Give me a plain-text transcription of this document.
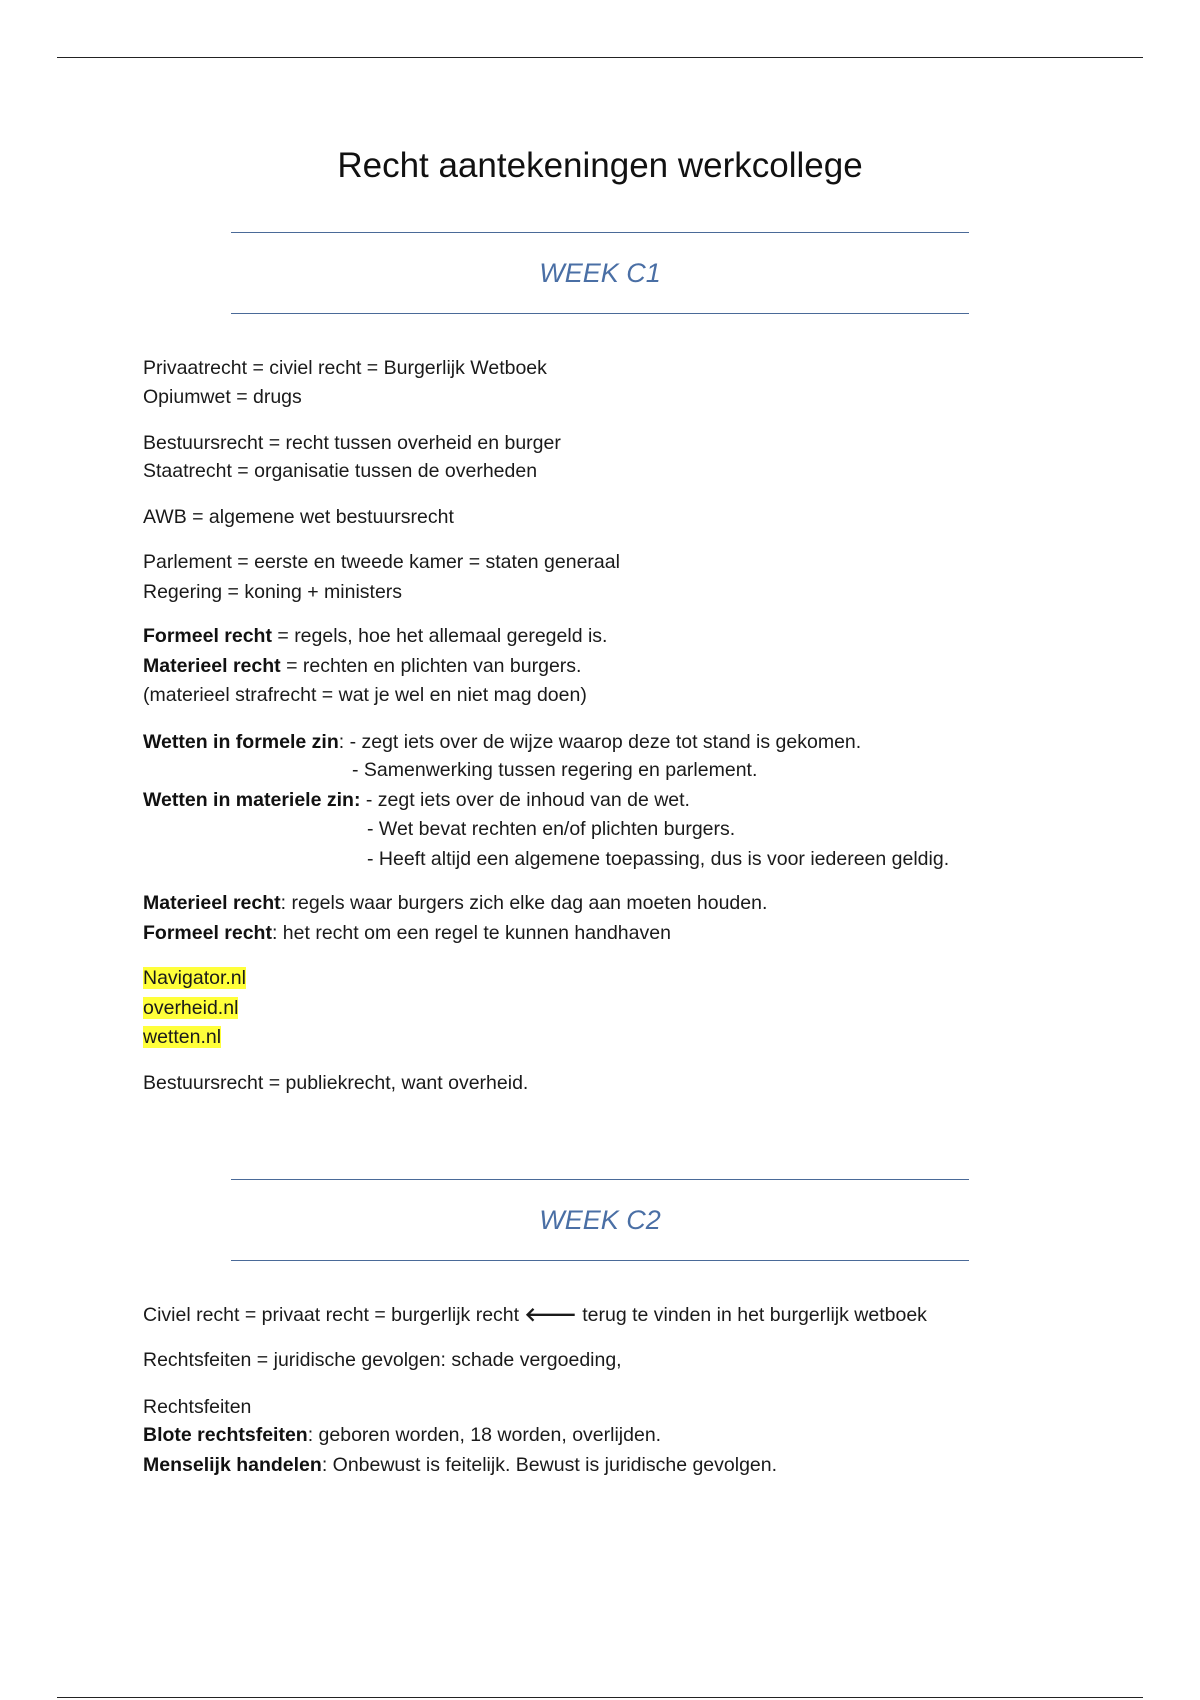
Recht aantekeningen werkcollege
WEEK C1
Privaatrecht = civiel recht = Burgerlijk Wetboek
Opiumwet = drugs
Bestuursrecht = recht tussen overheid en burger
Staatrecht = organisatie tussen de overheden
AWB = algemene wet bestuursrecht
Parlement = eerste en tweede kamer = staten generaal
Regering = koning + ministers
Formeel recht = regels, hoe het allemaal geregeld is.
Materieel recht = rechten en plichten van burgers.
(materieel strafrecht = wat je wel en niet mag doen)
Wetten in formele zin: - zegt iets over de wijze waarop deze tot stand is gekomen.
- Samenwerking tussen regering en parlement.
Wetten in materiele zin: - zegt iets over de inhoud van de wet.
- Wet bevat rechten en/of plichten burgers.
- Heeft altijd een algemene toepassing, dus is voor iedereen geldig.
Materieel recht: regels waar burgers zich elke dag aan moeten houden.
Formeel recht: het recht om een regel te kunnen handhaven
Navigator.nl
overheid.nl
wetten.nl
Bestuursrecht = publiekrecht, want overheid.
WEEK C2
Civiel recht = privaat recht = burgerlijk recht 🡐 terug te vinden in het burgerlijk wetboek
Rechtsfeiten = juridische gevolgen: schade vergoeding,
Rechtsfeiten
Blote rechtsfeiten: geboren worden, 18 worden, overlijden.
Menselijk handelen: Onbewust is feitelijk. Bewust is juridische gevolgen.
